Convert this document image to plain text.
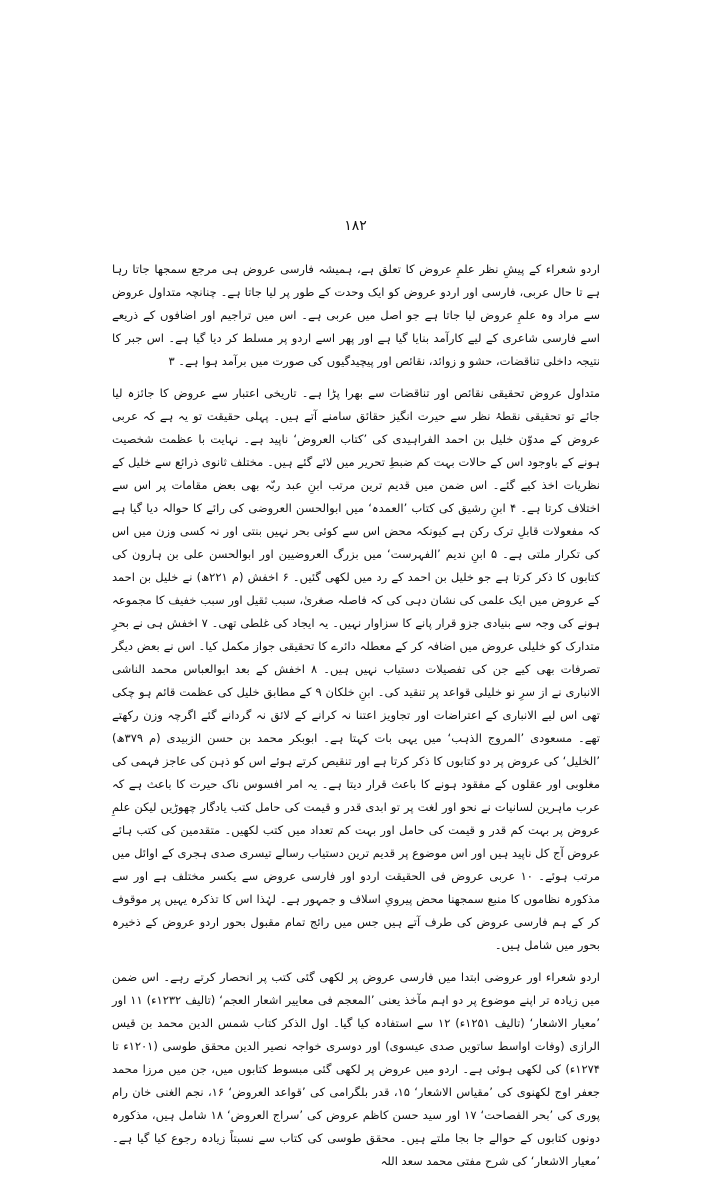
۱۸۲

اردو شعراء کے پیشِ نظر علمِ عروض کا تعلق ہے، ہمیشہ فارسی عروض ہی مرجع سمجھا جاتا رہا ہے تا حال عربی، فارسی اور اردو عروض کو ایک وحدت کے طور پر لیا جاتا ہے۔ چنانچہ متداول عروض سے مراد وہ علمِ عروض لیا جاتا ہے جو اصل میں عربی ہے۔ اس میں تراجیم اور اضافوں کے ذریعے اسے فارسی شاعری کے لیے کارآمد بنایا گیا ہے اور پھر اسے اردو پر مسلط کر دیا گیا ہے۔ اس جبر کا نتیجہ داخلی تناقضات، حشو و زوائد، نقائص اور پیچیدگیوں کی صورت میں برآمد ہوا ہے۔ ۳

متداول عروض تحقیقی نقائص اور تناقضات سے بھرا پڑا ہے۔ تاریخی اعتبار سے عروض کا جائزہ لیا جائے تو تحقیقی نقطۂ نظر سے حیرت انگیز حقائق سامنے آتے ہیں۔ پہلی حقیقت تو یہ ہے کہ عربی عروض کے مدوّن خلیل بن احمد الفراہیدی کی ’کتاب العروض‘ ناپید ہے۔ نہایت با عظمت شخصیت ہونے کے باوجود اس کے حالات بہت کم ضبطِ تحریر میں لائے گئے ہیں۔ مختلف ثانوی ذرائع سے خلیل کے نظریات اخذ کیے گئے۔ اس ضمن میں قدیم ترین مرتب ابنِ عبد ربّہ بھی بعض مقامات پر اس سے اختلاف کرتا ہے۔ ۴ ابنِ رشیق کی کتاب ’العمدہ‘ میں ابوالحسن العروضی کی رائے کا حوالہ دیا گیا ہے کہ مفعولات قابلِ ترک رکن ہے کیونکہ محض اس سے کوئی بحر نہیں بنتی اور نہ کسی وزن میں اس کی تکرار ملتی ہے۔ ۵ ابنِ ندیم ’الفہرست‘ میں بزرگ العروضیین اور ابوالحسن علی بن ہارون کی کتابوں کا ذکر کرتا ہے جو خلیل بن احمد کے رد میں لکھی گئیں۔ ۶ اخفش (م ۲۲۱ھ) نے خلیل بن احمد کے عروض میں ایک علمی کی نشان دہی کی کہ فاصلہ صغریٰ، سبب ثقیل اور سبب خفیف کا مجموعہ ہونے کی وجہ سے بنیادی جزو قرار پانے کا سزاوار نہیں۔ یہ ایجاد کی غلطی تھی۔ ۷ اخفش ہی نے بحرِ متدارک کو خلیلی عروض میں اضافہ کر کے معطلہ دائرے کا تحقیقی جواز مکمل کیا۔ اس نے بعض دیگر تصرفات بھی کیے جن کی تفصیلات دستیاب نہیں ہیں۔ ۸ اخفش کے بعد ابوالعباس محمد الناشی الانباری نے از سرِ نو خلیلی قواعد پر تنقید کی۔ ابنِ خلکان ۹ کے مطابق خلیل کی عظمت قائم ہو چکی تھی اس لیے الانباری کے اعتراضات اور تجاویز اعتنا نہ کرانے کے لائق نہ گردانے گئے اگرچہ وزن رکھتے تھے۔ مسعودی ’المروج الذہب‘ میں یہی بات کہتا ہے۔ ابوبکر محمد بن حسن الزبیدی (م ۳۷۹ھ) ’الخلیل‘ کی عروض پر دو کتابوں کا ذکر کرتا ہے اور تنقیص کرتے ہوئے اس کو ذہن کی عاجز فہمی کی مغلوبی اور عقلوں کے مفقود ہونے کا باعث قرار دیتا ہے۔ یہ امر افسوس ناک حیرت کا باعث ہے کہ عرب ماہرین لسانیات نے نحو اور لغت پر تو ابدی قدر و قیمت کی حامل کتب یادگار چھوڑیں لیکن علمِ عروض پر بہت کم قدر و قیمت کی حامل اور بہت کم تعداد میں کتب لکھیں۔ متقدمین کی کتب ہائے عروض آج کل ناپید ہیں اور اس موضوع پر قدیم ترین دستیاب رسالے تیسری صدی ہجری کے اوائل میں مرتب ہوئے۔ ۱۰ عربی عروض فی الحقیقت اردو اور فارسی عروض سے یکسر مختلف ہے اور سے مذکورہ نظاموں کا منبع سمجھنا محض پیرویِ اسلاف و جمہور ہے۔ لہٰذا اس کا تذکرہ یہیں پر موقوف کر کے ہم فارسی عروض کی طرف آتے ہیں جس میں رائج تمام مقبول بحور اردو عروض کے ذخیرہ بحور میں شامل ہیں۔

اردو شعراء اور عروضی ابتدا میں فارسی عروض پر لکھی گئی کتب پر انحصار کرتے رہے۔ اس ضمن میں زیادہ تر اپنے موضوع پر دو اہم مآخذ یعنی ’المعجم فی معاییر اشعار العجم‘ (تالیف ۱۲۳۲ء) ۱۱ اور ’معیار الاشعار‘ (تالیف ۱۲۵۱ء) ۱۲ سے استفادہ کیا گیا۔ اول الذکر کتاب شمس الدین محمد بن قیس الرازی (وفات اواسط ساتویں صدی عیسوی) اور دوسری خواجہ نصیر الدین محقق طوسی (۱۲۰۱ء تا ۱۲۷۴ء) کی لکھی ہوئی ہے۔ اردو میں عروض پر لکھی گئی مبسوط کتابوں میں، جن میں مرزا محمد جعفر اوج لکھنوی کی ’مقیاس الاشعار‘ ۱۵، قدر بلگرامی کی ’قواعد العروض‘ ۱۶، نجم الغنی خان رام پوری کی ’بحر الفصاحت‘ ۱۷ اور سید حسن کاظم عروض کی ’سراج العروض‘ ۱۸ شامل ہیں، مذکورہ دونوں کتابوں کے حوالے جا بجا ملتے ہیں۔ محقق طوسی کی کتاب سے نسبتاً زیادہ رجوع کیا گیا ہے۔ ’معیار الاشعار‘ کی شرح مفتی محمد سعد اللہ
